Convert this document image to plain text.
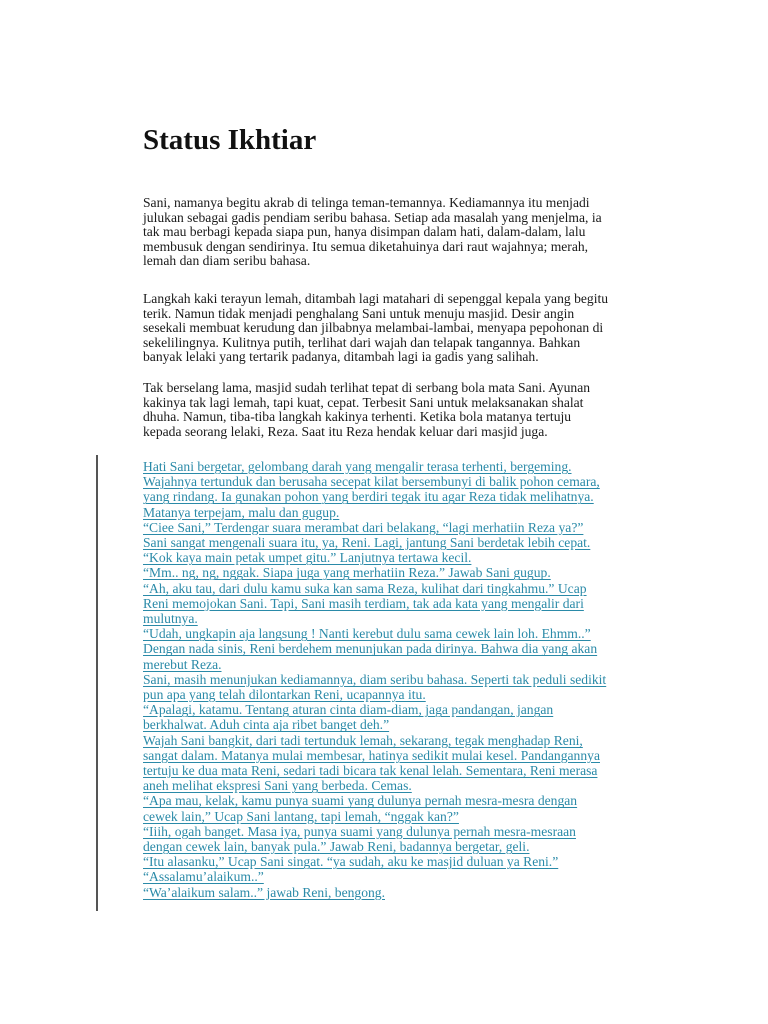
Status Ikhtiar

Sani, namanya begitu akrab di telinga teman-temannya. Kediamannya itu menjadi

julukan sebagai gadis pendiam seribu bahasa. Setiap ada masalah yang menjelma, ia

tak mau berbagi kepada siapa pun, hanya disimpan dalam hati, dalam-dalam, lalu

membusuk dengan sendirinya. Itu semua diketahuinya dari raut wajahnya; merah,

lemah dan diam seribu bahasa.

Langkah kaki terayun lemah, ditambah lagi matahari di sepenggal kepala yang begitu

terik. Namun tidak menjadi penghalang Sani untuk menuju masjid. Desir angin

sesekali membuat kerudung dan jilbabnya melambai-lambai, menyapa pepohonan di

sekelilingnya. Kulitnya putih, terlihat dari wajah dan telapak tangannya. Bahkan

banyak lelaki yang tertarik padanya, ditambah lagi ia gadis yang salihah.

Tak berselang lama, masjid sudah terlihat tepat di serbang bola mata Sani. Ayunan

kakinya tak lagi lemah, tapi kuat, cepat. Terbesit Sani untuk melaksanakan shalat

dhuha. Namun, tiba-tiba langkah kakinya terhenti. Ketika bola matanya tertuju

kepada seorang lelaki, Reza. Saat itu Reza hendak keluar dari masjid juga.

Hati Sani bergetar, gelombang darah yang mengalir terasa terhenti, bergeming.

Wajahnya tertunduk dan berusaha secepat kilat bersembunyi di balik pohon cemara,

yang rindang. Ia gunakan pohon yang berdiri tegak itu agar Reza tidak melihatnya.

Matanya terpejam, malu dan gugup.

“Ciee Sani,” Terdengar suara merambat dari belakang, “lagi merhatiin Reza ya?”

Sani sangat mengenali suara itu, ya, Reni. Lagi, jantung Sani berdetak lebih cepat.

“Kok kaya main petak umpet gitu.” Lanjutnya tertawa kecil.

“Mm.. ng, ng, nggak. Siapa juga yang merhatiin Reza.” Jawab Sani gugup.

“Ah, aku tau, dari dulu kamu suka kan sama Reza, kulihat dari tingkahmu.” Ucap

Reni memojokan Sani. Tapi, Sani masih terdiam, tak ada kata yang mengalir dari

mulutnya.

“Udah, ungkapin aja langsung ! Nanti kerebut dulu sama cewek lain loh. Ehmm..”

Dengan nada sinis, Reni berdehem menunjukan pada dirinya. Bahwa dia yang akan

merebut Reza.

Sani, masih menunjukan kediamannya, diam seribu bahasa. Seperti tak peduli sedikit

pun apa yang telah dilontarkan Reni, ucapannya itu.

“Apalagi, katamu. Tentang aturan cinta diam-diam, jaga pandangan, jangan

berkhalwat. Aduh cinta aja ribet banget deh.”

Wajah Sani bangkit, dari tadi tertunduk lemah, sekarang, tegak menghadap Reni,

sangat dalam. Matanya mulai membesar, hatinya sedikit mulai kesel. Pandangannya

tertuju ke dua mata Reni, sedari tadi bicara tak kenal lelah. Sementara, Reni merasa

aneh melihat ekspresi Sani yang berbeda. Cemas.

“Apa mau, kelak, kamu punya suami yang dulunya pernah mesra-mesra dengan

cewek lain,” Ucap Sani lantang, tapi lemah, “nggak kan?”

“Iiih, ogah banget. Masa iya, punya suami yang dulunya pernah mesra-mesraan

dengan cewek lain, banyak pula.” Jawab Reni, badannya bergetar, geli.

“Itu alasanku,” Ucap Sani singat. “ya sudah, aku ke masjid duluan ya Reni.”

“Assalamu’alaikum..”

“Wa’alaikum salam..” jawab Reni, bengong.
